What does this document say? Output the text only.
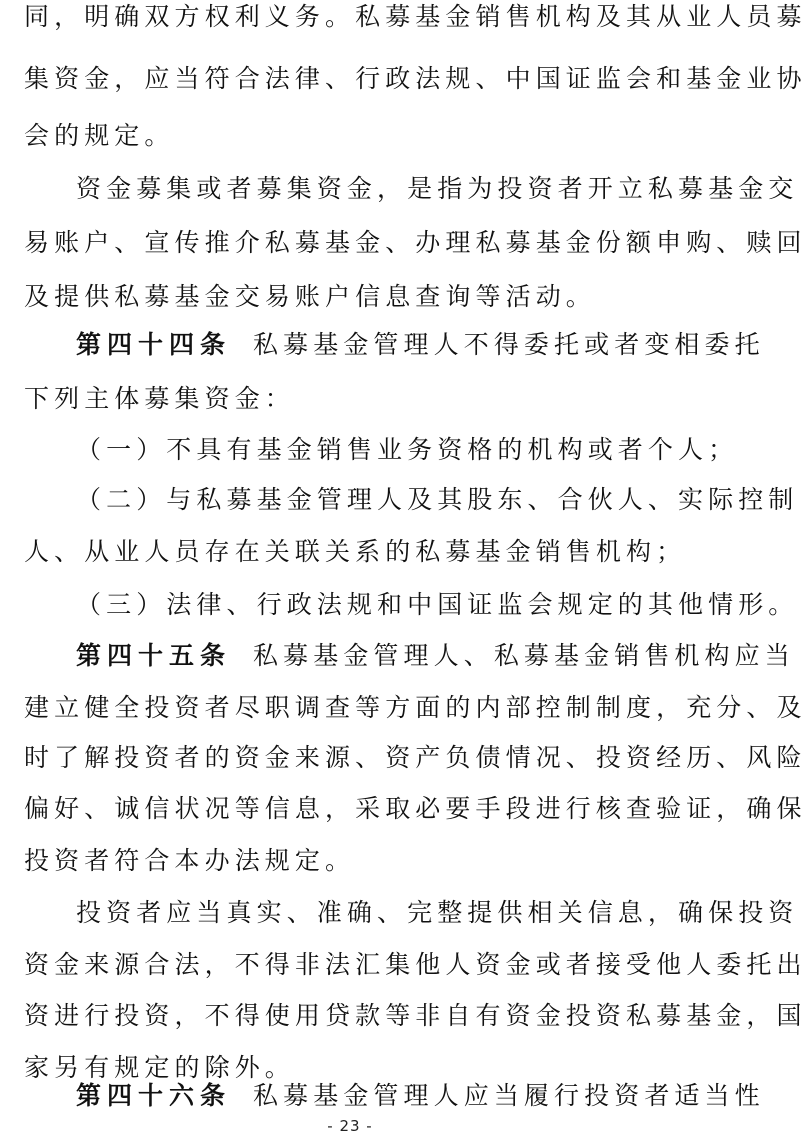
同，明确双方权利义务。私募基金销售机构及其从业人员募
集资金，应当符合法律、行政法规、中国证监会和基金业协
会的规定。
资金募集或者募集资金，是指为投资者开立私募基金交
易账户、宣传推介私募基金、办理私募基金份额申购、赎回
及提供私募基金交易账户信息查询等活动。
第四十四条 私募基金管理人不得委托或者变相委托
下列主体募集资金：
（一）不具有基金销售业务资格的机构或者个人；
（二）与私募基金管理人及其股东、合伙人、实际控制
人、从业人员存在关联关系的私募基金销售机构；
（三）法律、行政法规和中国证监会规定的其他情形。
第四十五条 私募基金管理人、私募基金销售机构应当
建立健全投资者尽职调查等方面的内部控制制度，充分、及
时了解投资者的资金来源、资产负债情况、投资经历、风险
偏好、诚信状况等信息，采取必要手段进行核查验证，确保
投资者符合本办法规定。
投资者应当真实、准确、完整提供相关信息，确保投资
资金来源合法，不得非法汇集他人资金或者接受他人委托出
资进行投资，不得使用贷款等非自有资金投资私募基金，国
家另有规定的除外。
第四十六条 私募基金管理人应当履行投资者适当性
- 23 -
